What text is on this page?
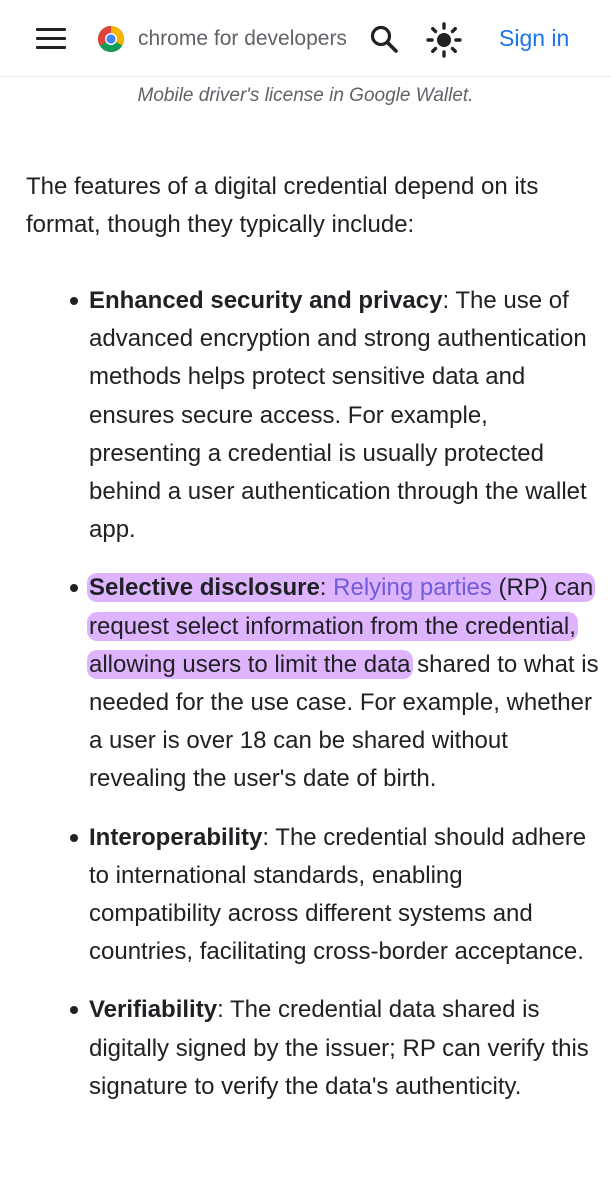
chrome for developers	Sign in
Mobile driver's license in Google Wallet.

The features of a digital credential depend on its format, though they typically include:

Enhanced security and privacy: The use of advanced encryption and strong authentication methods helps protect sensitive data and ensures secure access. For example, presenting a credential is usually protected behind a user authentication through the wallet app.
Selective disclosure: Relying parties (RP) can request select information from the credential, allowing users to limit the data shared to what is needed for the use case. For example, whether a user is over 18 can be shared without revealing the user's date of birth.
Interoperability: The credential should adhere to international standards, enabling compatibility across different systems and countries, facilitating cross-border acceptance.
Verifiability: The credential data shared is digitally signed by the issuer; RP can verify this signature to verify the data's authenticity.
